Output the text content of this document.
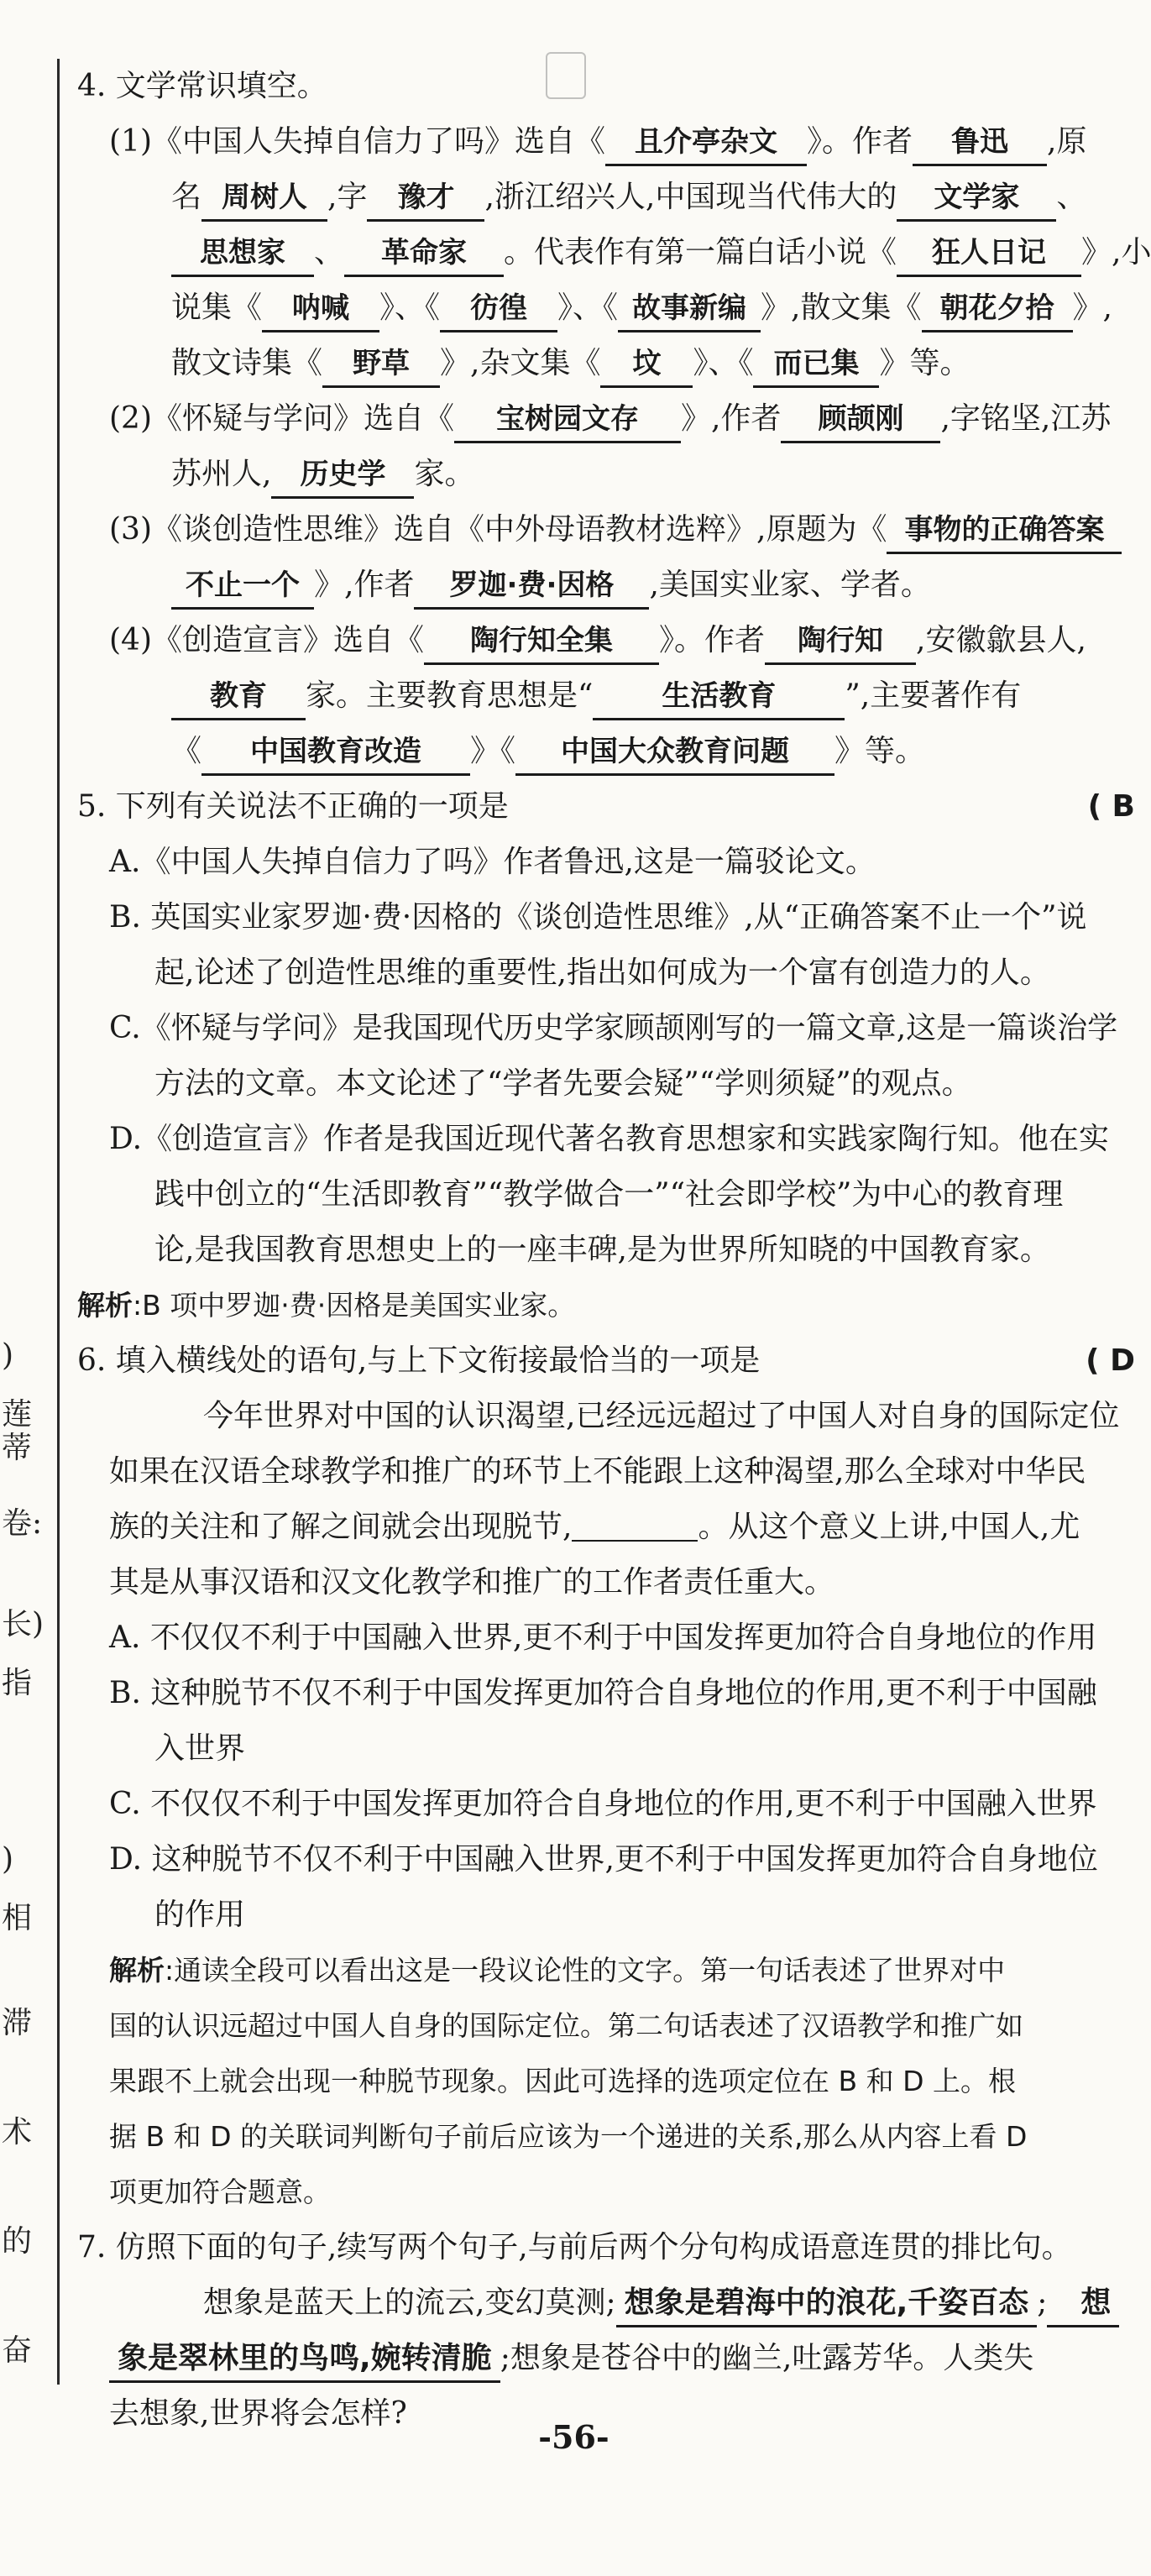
)
莲蒂
卷:
长)
指
)
相
滞
术
的
奋
4. 文学常识填空。
(1)《中国人失掉自信力了吗》选自《 且介亭杂文 》。作者 鲁迅 ,原
名 周树人 ,字 豫才 ,浙江绍兴人,中国现当代伟大的 文学家 、
思想家 、 革命家 。代表作有第一篇白话小说《 狂人日记 》,小
说集《 呐喊 》、《 彷徨 》、《 故事新编 》,散文集《 朝花夕拾 》,
散文诗集《 野草 》,杂文集《 坟 》、《 而已集 》等。
(2)《怀疑与学问》选自《 宝树园文存 》,作者 顾颉刚 ,字铭坚,江苏
苏州人, 历史学 家。
(3)《谈创造性思维》选自《中外母语教材选粹》,原题为《 事物的正确答案
不止一个 》,作者 罗迦·费·因格 ,美国实业家、学者。
(4)《创造宣言》选自《 陶行知全集 》。作者 陶行知 ,安徽歙县人,
教育 家。主要教育思想是“ 生活教育 ”,主要著作有
《 中国教育改造 》《 中国大众教育问题 》等。
5. 下列有关说法不正确的一项是	( B
A.《中国人失掉自信力了吗》作者鲁迅,这是一篇驳论文。
B. 英国实业家罗迦·费·因格的《谈创造性思维》,从“正确答案不止一个”说
起,论述了创造性思维的重要性,指出如何成为一个富有创造力的人。
C.《怀疑与学问》是我国现代历史学家顾颉刚写的一篇文章,这是一篇谈治学
方法的文章。本文论述了“学者先要会疑”“学则须疑”的观点。
D.《创造宣言》作者是我国近现代著名教育思想家和实践家陶行知。他在实
践中创立的“生活即教育”“教学做合一”“社会即学校”为中心的教育理
论,是我国教育思想史上的一座丰碑,是为世界所知晓的中国教育家。
解析:B 项中罗迦·费·因格是美国实业家。
6. 填入横线处的语句,与上下文衔接最恰当的一项是	( D
今年世界对中国的认识渴望,已经远远超过了中国人对自身的国际定位
如果在汉语全球教学和推广的环节上不能跟上这种渴望,那么全球对中华民
族的关注和了解之间就会出现脱节,	。从这个意义上讲,中国人,尤
其是从事汉语和汉文化教学和推广的工作者责任重大。
A. 不仅仅不利于中国融入世界,更不利于中国发挥更加符合自身地位的作用
B. 这种脱节不仅不利于中国发挥更加符合自身地位的作用,更不利于中国融
入世界
C. 不仅仅不利于中国发挥更加符合自身地位的作用,更不利于中国融入世界
D. 这种脱节不仅不利于中国融入世界,更不利于中国发挥更加符合自身地位
的作用
解析:通读全段可以看出这是一段议论性的文字。第一句话表述了世界对中
国的认识远超过中国人自身的国际定位。第二句话表述了汉语教学和推广如
果跟不上就会出现一种脱节现象。因此可选择的选项定位在 B 和 D 上。根
据 B 和 D 的关联词判断句子前后应该为一个递进的关系,那么从内容上看 D
项更加符合题意。
7. 仿照下面的句子,续写两个句子,与前后两个分句构成语意连贯的排比句。
想象是蓝天上的流云,变幻莫测; 想象是碧海中的浪花,千姿百态 ; 想
象是翠林里的鸟鸣,婉转清脆 ;想象是苍谷中的幽兰,吐露芳华。人类失
去想象,世界将会怎样?
-56-
